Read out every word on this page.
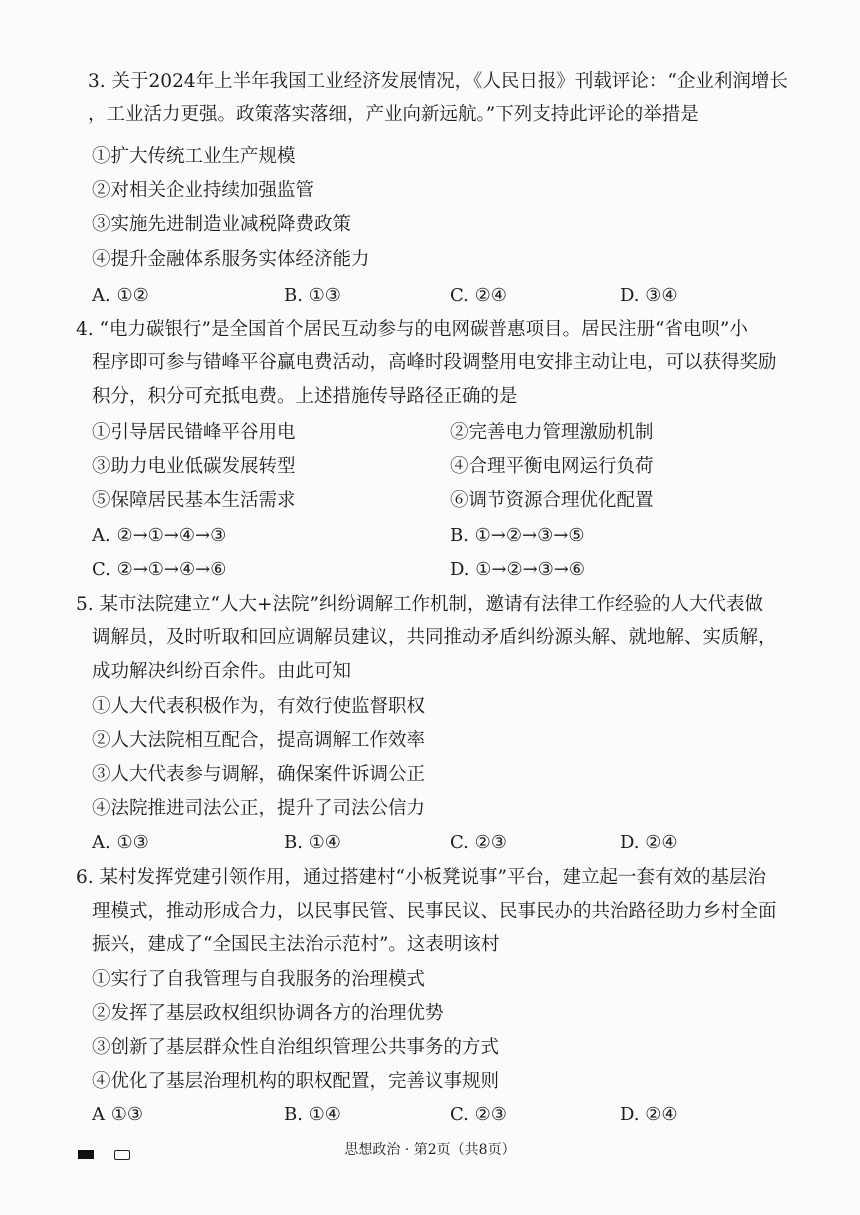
3. 关于2024年上半年我国工业经济发展情况，《人民日报》刊载评论：“企业利润增长
，工业活力更强。政策落实落细，产业向新远航。”下列支持此评论的举措是
①扩大传统工业生产规模
②对相关企业持续加强监管
③实施先进制造业减税降费政策
④提升金融体系服务实体经济能力
A. ①②	B. ①③	C. ②④	D. ③④
4. “电力碳银行”是全国首个居民互动参与的电网碳普惠项目。居民注册“省电呗”小
程序即可参与错峰平谷赢电费活动，高峰时段调整用电安排主动让电，可以获得奖励
积分，积分可充抵电费。上述措施传导路径正确的是
①引导居民错峰平谷用电	②完善电力管理激励机制
③助力电业低碳发展转型	④合理平衡电网运行负荷
⑤保障居民基本生活需求	⑥调节资源合理优化配置
A. ②→①→④→③	B. ①→②→③→⑤
C. ②→①→④→⑥	D. ①→②→③→⑥
5. 某市法院建立“人大+法院”纠纷调解工作机制，邀请有法律工作经验的人大代表做
调解员，及时听取和回应调解员建议，共同推动矛盾纠纷源头解、就地解、实质解，
成功解决纠纷百余件。由此可知
①人大代表积极作为，有效行使监督职权
②人大法院相互配合，提高调解工作效率
③人大代表参与调解，确保案件诉调公正
④法院推进司法公正，提升了司法公信力
A. ①③	B. ①④	C. ②③	D. ②④
6. 某村发挥党建引领作用，通过搭建村“小板凳说事”平台，建立起一套有效的基层治
理模式，推动形成合力，以民事民管、民事民议、民事民办的共治路径助力乡村全面
振兴，建成了“全国民主法治示范村”。这表明该村
①实行了自我管理与自我服务的治理模式
②发挥了基层政权组织协调各方的治理优势
③创新了基层群众性自治组织管理公共事务的方式
④优化了基层治理机构的职权配置，完善议事规则
A ①③	B. ①④	C. ②③	D. ②④
思想政治 · 第2页（共8页）
